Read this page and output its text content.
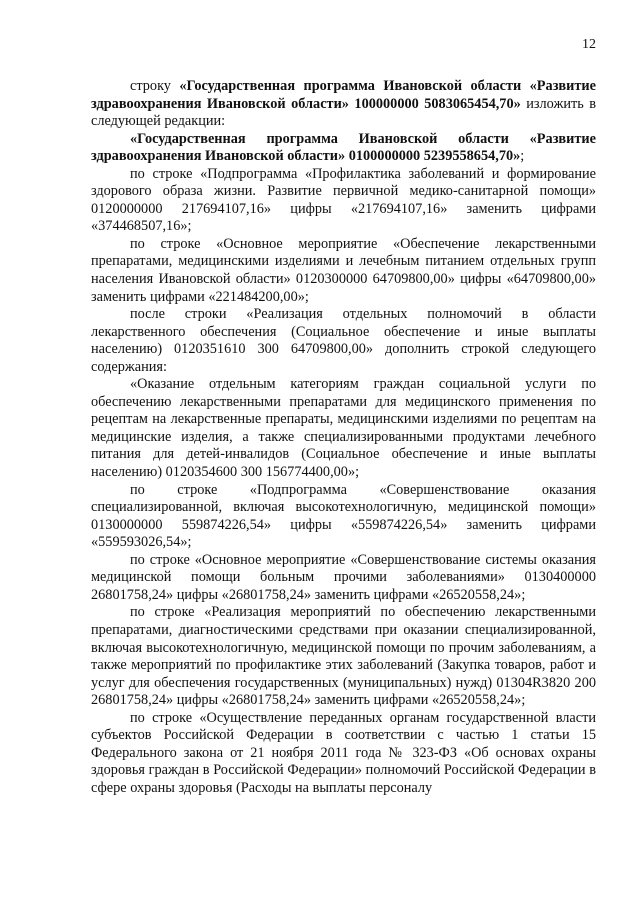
12

строку «Государственная программа Ивановской области «Развитие здравоохранения Ивановской области» 100000000 5083065454,70» изложить в следующей редакции:

«Государственная программа Ивановской области «Развитие здравоохранения Ивановской области» 0100000000 5239558654,70»;

по строке «Подпрограмма «Профилактика заболеваний и формирование здорового образа жизни. Развитие первичной медико-санитарной помощи» 0120000000 217694107,16» цифры «217694107,16» заменить цифрами «374468507,16»;

по строке «Основное мероприятие «Обеспечение лекарственными препаратами, медицинскими изделиями и лечебным питанием отдельных групп населения Ивановской области» 0120300000 64709800,00» цифры «64709800,00» заменить цифрами «221484200,00»;

после строки «Реализация отдельных полномочий в области лекарственного обеспечения (Социальное обеспечение и иные выплаты населению) 0120351610 300 64709800,00» дополнить строкой следующего содержания:

«Оказание отдельным категориям граждан социальной услуги по обеспечению лекарственными препаратами для медицинского применения по рецептам на лекарственные препараты, медицинскими изделиями по рецептам на медицинские изделия, а также специализированными продуктами лечебного питания для детей-инвалидов (Социальное обеспечение и иные выплаты населению) 0120354600 300 156774400,00»;

по строке «Подпрограмма «Совершенствование оказания специализированной, включая высокотехнологичную, медицинской помощи» 0130000000 559874226,54» цифры «559874226,54» заменить цифрами «559593026,54»;

по строке «Основное мероприятие «Совершенствование системы оказания медицинской помощи больным прочими заболеваниями» 0130400000 26801758,24» цифры «26801758,24» заменить цифрами «26520558,24»;

по строке «Реализация мероприятий по обеспечению лекарственными препаратами, диагностическими средствами при оказании специализированной, включая высокотехнологичную, медицинской помощи по прочим заболеваниям, а также мероприятий по профилактике этих заболеваний (Закупка товаров, работ и услуг для обеспечения государственных (муниципальных) нужд) 01304R3820 200 26801758,24» цифры «26801758,24» заменить цифрами «26520558,24»;

по строке «Осуществление переданных органам государственной власти субъектов Российской Федерации в соответствии с частью 1 статьи 15 Федерального закона от 21 ноября 2011 года № 323-ФЗ «Об основах охраны здоровья граждан в Российской Федерации» полномочий Российской Федерации в сфере охраны здоровья (Расходы на выплаты персоналу
